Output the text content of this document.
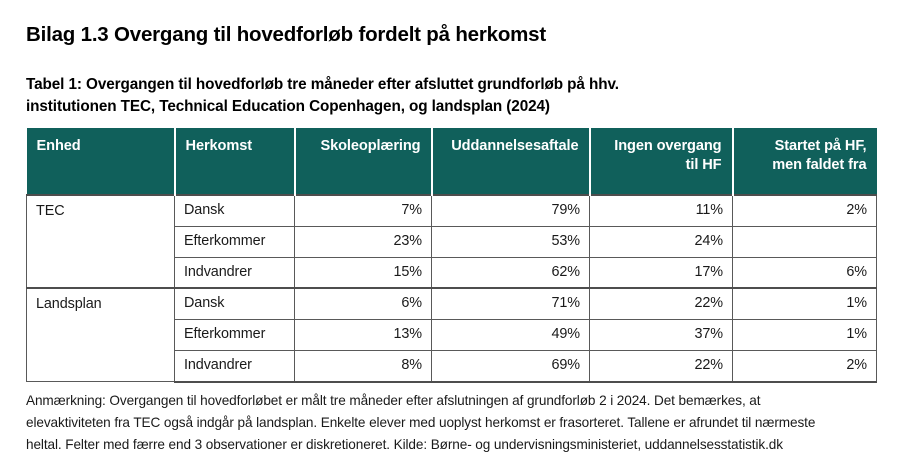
Bilag 1.3 Overgang til hovedforløb fordelt på herkomst
Tabel 1: Overgangen til hovedforløb tre måneder efter afsluttet grundforløb på hhv.
institutionen TEC, Technical Education Copenhagen, og landsplan (2024)
Enhed	Herkomst	Skoleoplæring	Uddannelsesaftale	Ingen overgang til HF	Startet på HF, men faldet fra
TEC	Dansk	7%	79%	11%	2%
	Efterkommer	23%	53%	24%	
	Indvandrer	15%	62%	17%	6%
Landsplan	Dansk	6%	71%	22%	1%
	Efterkommer	13%	49%	37%	1%
	Indvandrer	8%	69%	22%	2%

Anmærkning: Overgangen til hovedforløbet er målt tre måneder efter afslutningen af grundforløb 2 i 2024. Det bemærkes, at elevaktiviteten fra TEC også indgår på landsplan. Enkelte elever med uoplyst herkomst er frasorteret. Tallene er afrundet til nærmeste heltal. Felter med færre end 3 observationer er diskretioneret. Kilde: Børne- og undervisningsministeriet, uddannelsesstatistik.dk
